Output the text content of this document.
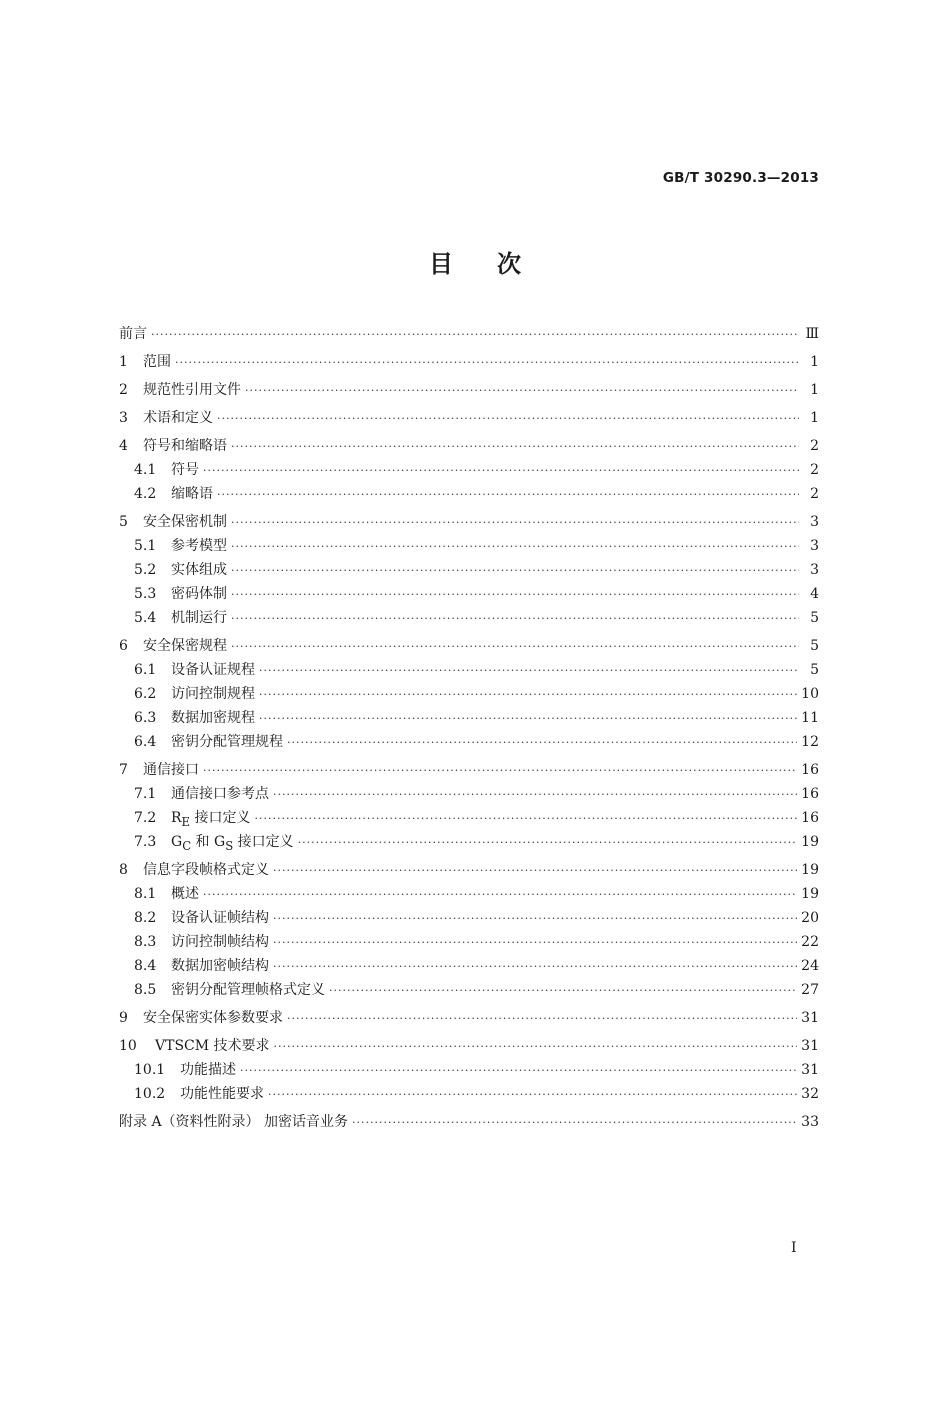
GB/T 30290.3—2013
目次
前言 ·····	Ⅲ
1	范围 ·····	1
2	规范性引用文件 ·····	1
3	术语和定义 ·····	1
4	符号和缩略语 ·····	2
4.1	符号 ·····	2
4.2	缩略语 ·····	2
5	安全保密机制 ·····	3
5.1	参考模型 ·····	3
5.2	实体组成 ·····	3
5.3	密码体制 ·····	4
5.4	机制运行 ·····	5
6	安全保密规程 ·····	5
6.1	设备认证规程 ·····	5
6.2	访问控制规程 ·····	10
6.3	数据加密规程 ·····	11
6.4	密钥分配管理规程 ·····	12
7	通信接口 ·····	16
7.1	通信接口参考点 ·····	16
7.2	$R_E$ 接口定义 ·····	16
7.3	$G_C$ 和 $G_S$ 接口定义 ·····	19
8	信息字段帧格式定义 ·····	19
8.1	概述 ·····	19
8.2	设备认证帧结构 ·····	20
8.3	访问控制帧结构 ·····	22
8.4	数据加密帧结构 ·····	24
8.5	密钥分配管理帧格式定义 ·····	27
9	安全保密实体参数要求 ·····	31
10	VTSCM 技术要求 ·····	31
10.1	功能描述 ·····	31
10.2	功能性能要求 ·····	32
附录 A（资料性附录） 加密话音业务 ·····	33
I
